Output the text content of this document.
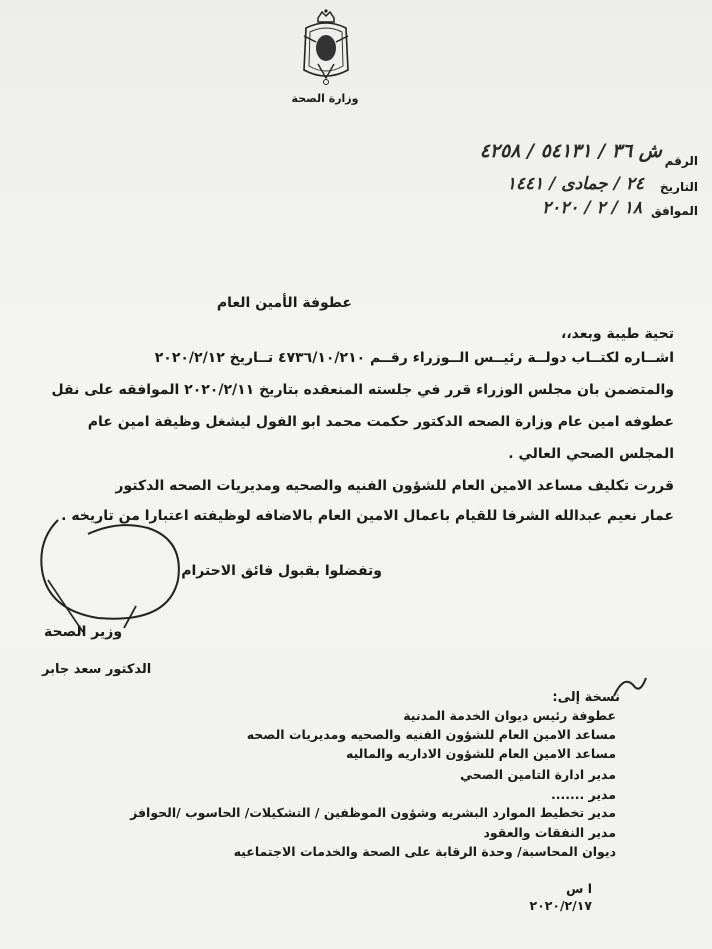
وزارة الصحة
الرقم
ش ٣٦ / ٥٤١٣١ / ٤٢٥٨
التاريخ
٢٤ / جمادى / ١٤٤١
الموافق
١٨ / ٢ / ٢٠٢٠
عطوفة الأمين العام
تحية طيبة وبعد،،
اشــاره لكتــاب دولــة رئيــس الــوزراء رقــم ٤٧٣٦/١٠/٢١٠ تــاريخ ٢٠٢٠/٢/١٢
والمتضمن بان مجلس الوزراء قرر في جلسته المنعقده بتاريخ ٢٠٢٠/٢/١١ الموافقه على نقل
عطوفه امين عام وزارة الصحه الدكتور حكمت محمد ابو الفول ليشغل وظيفة امين عام
المجلس الصحي العالي .
قررت تكليف مساعد الامين العام للشؤون الفنيه والصحيه ومديريات الصحه الدكتور
عمار نعيم عبدالله الشرفا للقيام باعمال الامين العام بالاضافه لوظيفته اعتبارا من تاريخه .
وتفضلوا بقبول فائق الاحترام
وزير الصحة
الدكتور سعد جابر
نسخة إلى:
عطوفة رئيس ديوان الخدمة المدنية
مساعد الامين العام للشؤون الفنيه والصحيه ومديريات الصحه
مساعد الامين العام للشؤون الاداريه والماليه
مدير ادارة التامين الصحي
مدير .......
مدير تخطيط الموارد البشريه وشؤون الموظفين / التشكيلات/ الحاسوب /الحوافز
مدير النفقات والعقود
ديوان المحاسبة/ وحدة الرقابة على الصحة والخدمات الاجتماعيه
ا س
٢٠٢٠/٢/١٧
